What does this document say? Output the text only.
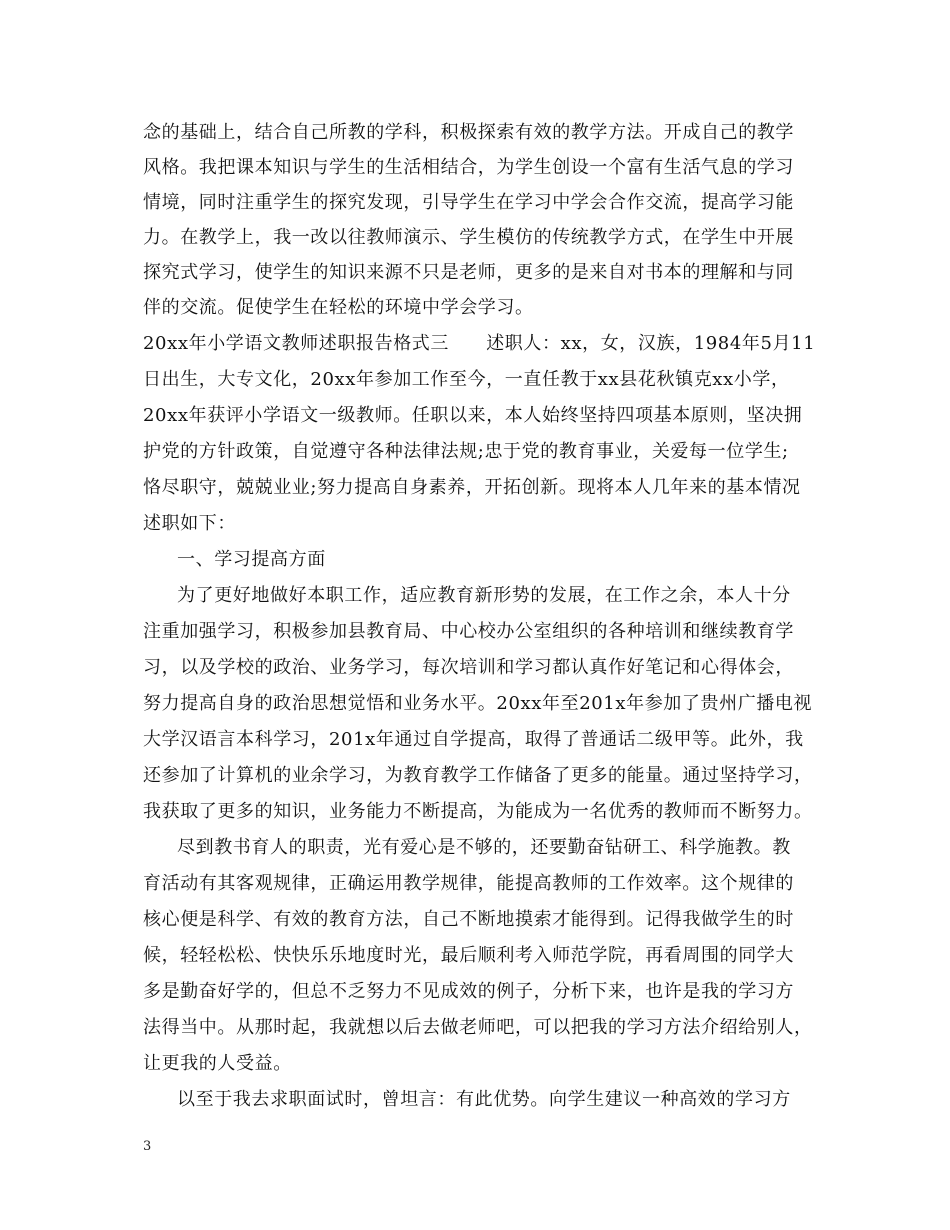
念的基础上，结合自己所教的学科，积极探索有效的教学方法。开成自己的教学
风格。我把课本知识与学生的生活相结合，为学生创设一个富有生活气息的学习
情境，同时注重学生的探究发现，引导学生在学习中学会合作交流，提高学习能
力。在教学上，我一改以往教师演示、学生模仿的传统教学方式，在学生中开展
探究式学习，使学生的知识来源不只是老师，更多的是来自对书本的理解和与同
伴的交流。促使学生在轻松的环境中学会学习。
20xx年小学语文教师述职报告格式三　　述职人：xx，女，汉族，1984年5月11
日出生，大专文化，20xx年参加工作至今，一直任教于xx县花秋镇克xx小学，
20xx年获评小学语文一级教师。任职以来，本人始终坚持四项基本原则，坚决拥
护党的方针政策，自觉遵守各种法律法规;忠于党的教育事业，关爱每一位学生;
恪尽职守，兢兢业业;努力提高自身素养，开拓创新。现将本人几年来的基本情况
述职如下：
一、学习提高方面
为了更好地做好本职工作，适应教育新形势的发展，在工作之余，本人十分
注重加强学习，积极参加县教育局、中心校办公室组织的各种培训和继续教育学
习，以及学校的政治、业务学习，每次培训和学习都认真作好笔记和心得体会，
努力提高自身的政治思想觉悟和业务水平。20xx年至201x年参加了贵州广播电视
大学汉语言本科学习，201x年通过自学提高，取得了普通话二级甲等。此外，我
还参加了计算机的业余学习，为教育教学工作储备了更多的能量。通过坚持学习，
我获取了更多的知识，业务能力不断提高，为能成为一名优秀的教师而不断努力。
尽到教书育人的职责，光有爱心是不够的，还要勤奋钻研工、科学施教。教
育活动有其客观规律，正确运用教学规律，能提高教师的工作效率。这个规律的
核心便是科学、有效的教育方法，自己不断地摸索才能得到。记得我做学生的时
候，轻轻松松、快快乐乐地度时光，最后顺利考入师范学院，再看周围的同学大
多是勤奋好学的，但总不乏努力不见成效的例子，分析下来，也许是我的学习方
法得当中。从那时起，我就想以后去做老师吧，可以把我的学习方法介绍给别人，
让更我的人受益。
以至于我去求职面试时，曾坦言：有此优势。向学生建议一种高效的学习方
3
